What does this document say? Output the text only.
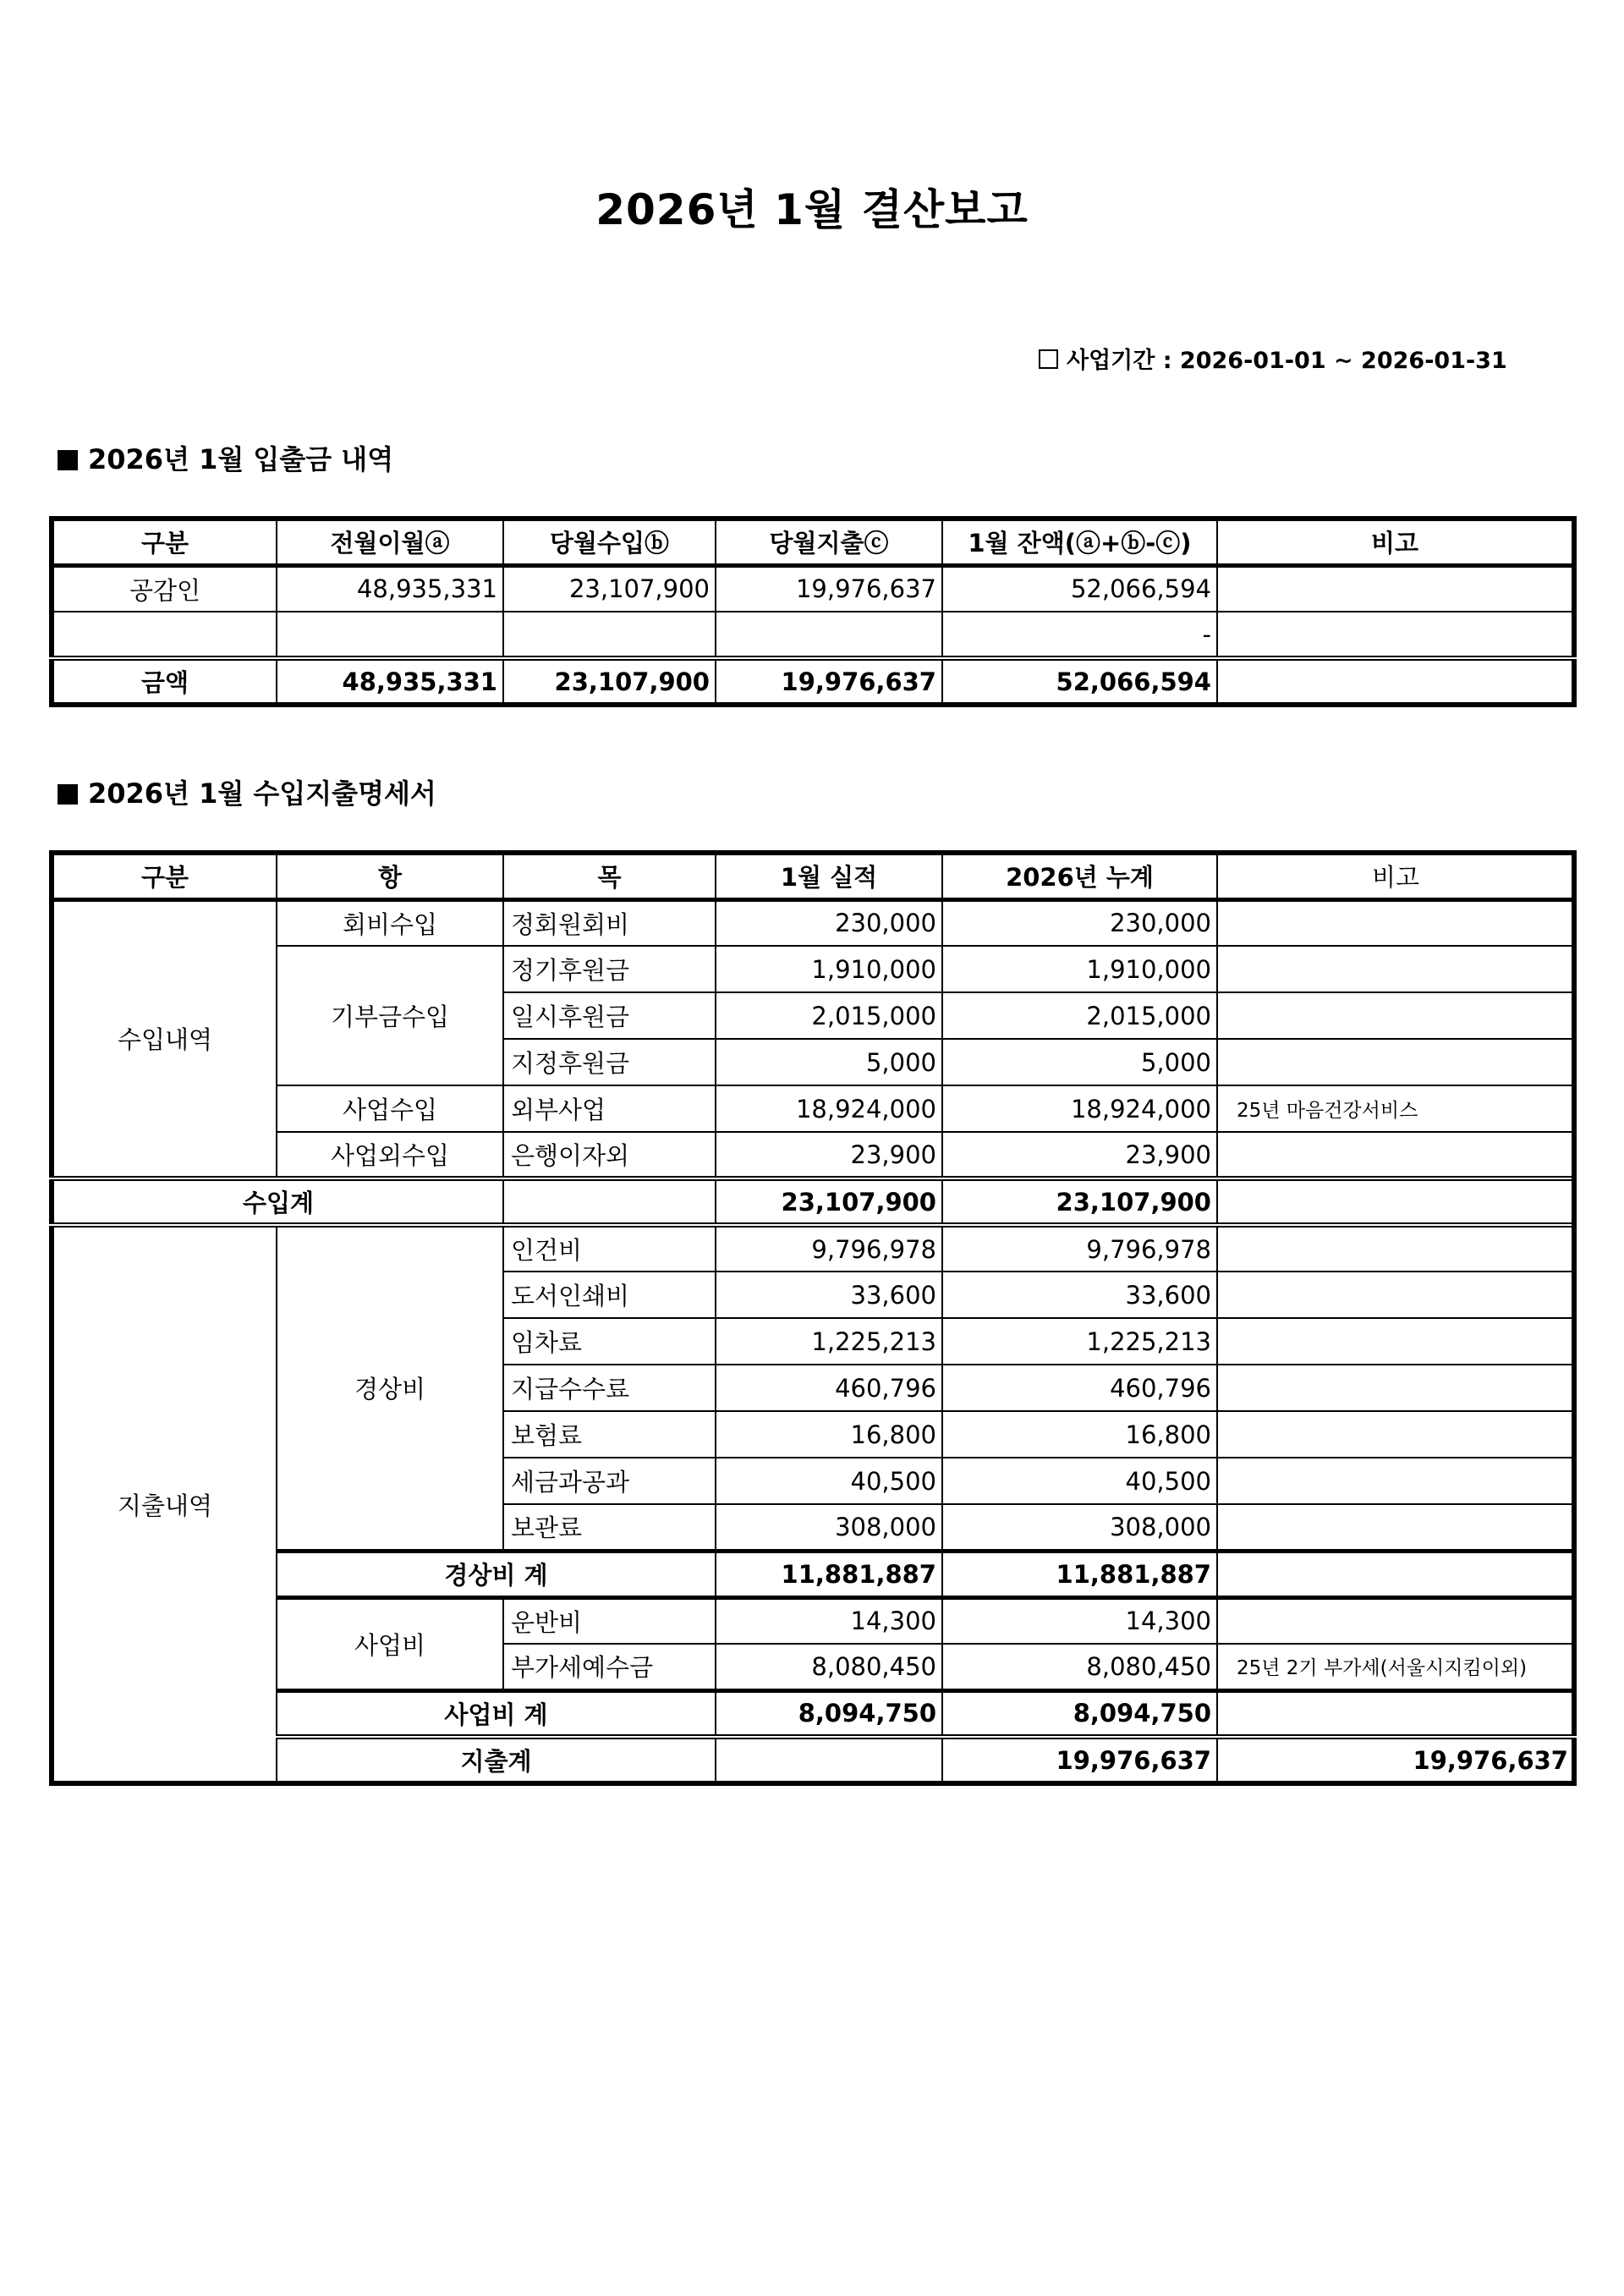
2026년 1월 결산보고
사업기간 : 2026-01-01 ~ 2026-01-31
2026년 1월 입출금 내역
구분	전월이월ⓐ	당월수입ⓑ	당월지출ⓒ	1월 잔액(ⓐ+ⓑ-ⓒ)	비고
공감인	48,935,331	23,107,900	19,976,637	52,066,594	
				-	
금액	48,935,331	23,107,900	19,976,637	52,066,594	
2026년 1월 수입지출명세서
구분	항	목	1월 실적	2026년 누계	비고	
수입내역	회비수입	정회원회비	230,000	230,000		
	기부금수입	정기후원금	1,910,000	1,910,000		
		일시후원금	2,015,000	2,015,000		
		지정후원금	5,000	5,000		
	사업수입	외부사업	18,924,000	18,924,000	25년 마음건강서비스	
	사업외수입	은행이자외	23,900	23,900		
수입계			23,107,900	23,107,900		
지출내역	경상비	인건비	9,796,978	9,796,978		
		도서인쇄비	33,600	33,600		
		임차료	1,225,213	1,225,213		
		지급수수료	460,796	460,796		
		보험료	16,800	16,800		
		세금과공과	40,500	40,500		
		보관료	308,000	308,000		
	경상비 계		11,881,887	11,881,887		
	사업비	운반비	14,300	14,300		
		부가세예수금	8,080,450	8,080,450	25년 2기 부가세(서울시지킴이외)	
	사업비 계		8,094,750	8,094,750		
	지출계			19,976,637	19,976,637	
